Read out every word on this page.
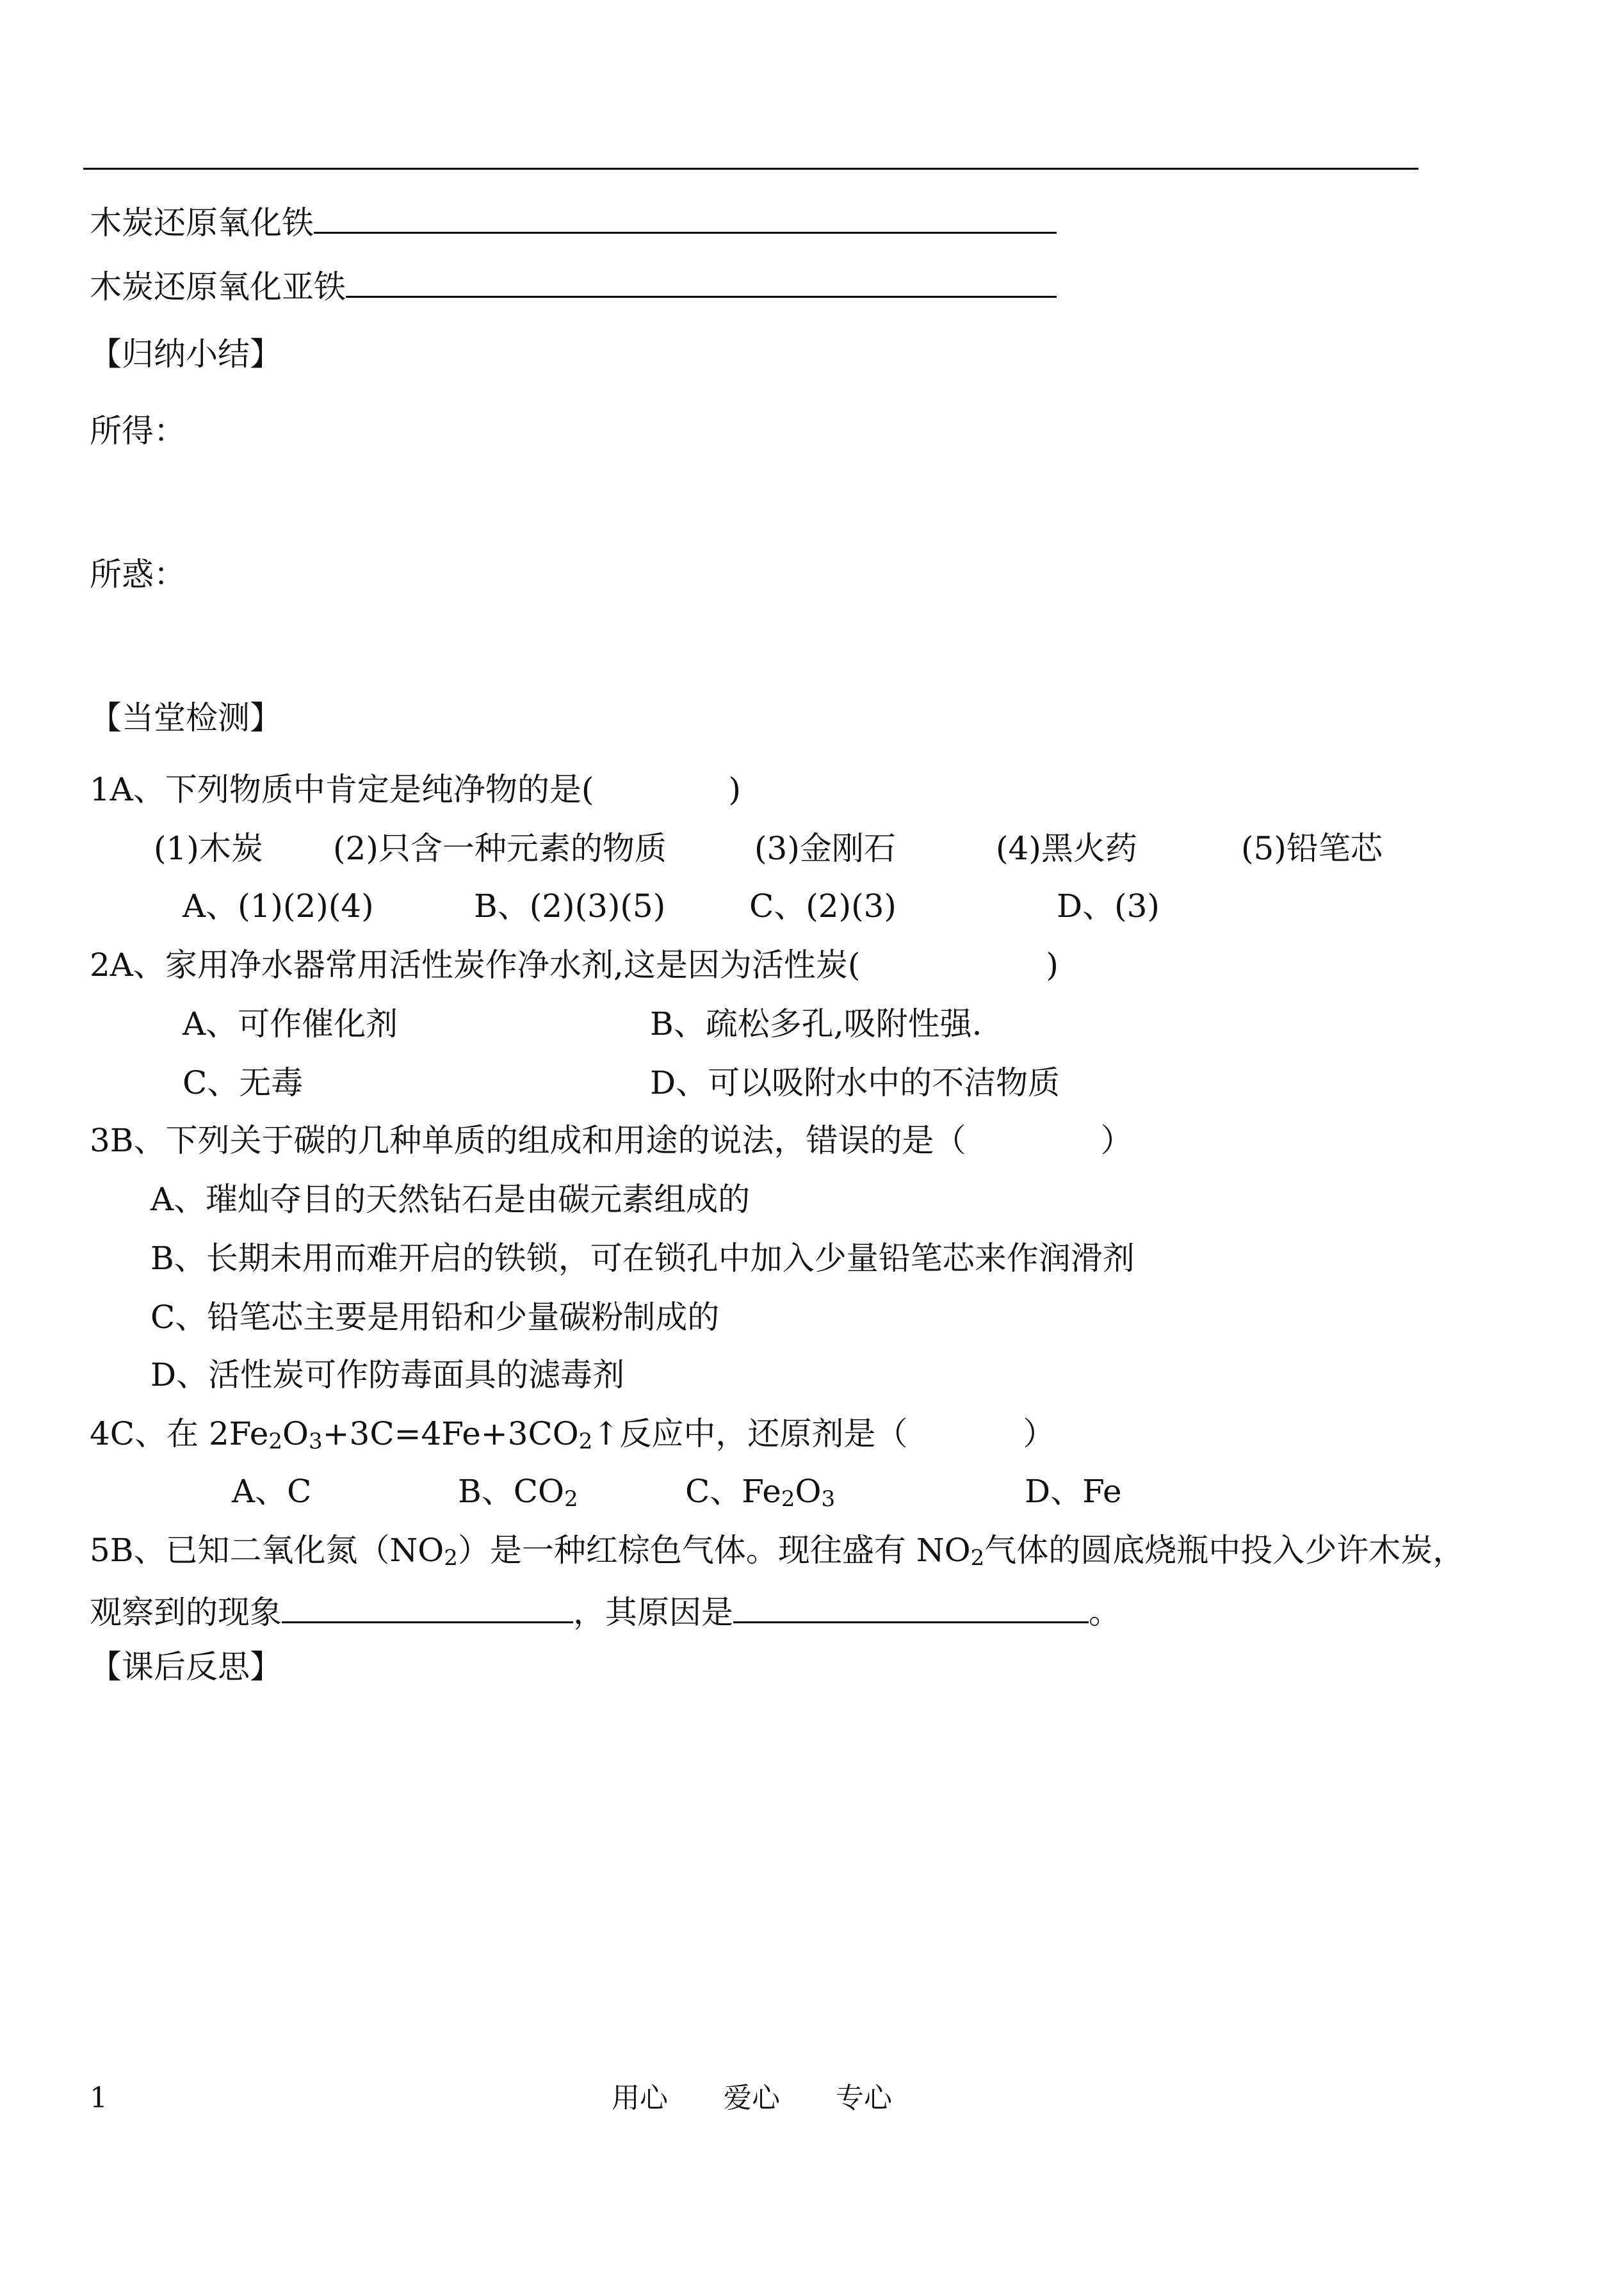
木炭还原氧化铁
木炭还原氧化亚铁
【归纳小结】
所得：
所惑：
【当堂检测】
1A、下列物质中肯定是纯净物的是(	)
(1)木炭 (2)只含一种元素的物质	(3)金刚石	(4)黑火药	(5)铅笔芯
A、(1)(2)(4)	B、(2)(3)(5)	C、(2)(3)	D、(3)
2A、家用净水器常用活性炭作净水剂,这是因为活性炭(	)
A、可作催化剂	B、疏松多孔,吸附性强.
C、无毒	D、可以吸附水中的不洁物质
3B、下列关于碳的几种单质的组成和用途的说法，错误的是（	）
A、璀灿夺目的天然钻石是由碳元素组成的
B、长期未用而难开启的铁锁，可在锁孔中加入少量铅笔芯来作润滑剂
C、铅笔芯主要是用铅和少量碳粉制成的
D、活性炭可作防毒面具的滤毒剂
4C、在 $2Fe_2O_3+3C=4Fe+3CO_2↑$反应中，还原剂是（	）
A、C	B、$CO_2$	C、$Fe_2O_3$	D、Fe
5B、已知二氧化氮$(NO_2)$是一种红棕色气体。现往盛有 $NO_2$气体的圆底烧瓶中投入少许木炭，
观察到的现象	，其原因是	。
【课后反思】
1	用心 爱心 专心
